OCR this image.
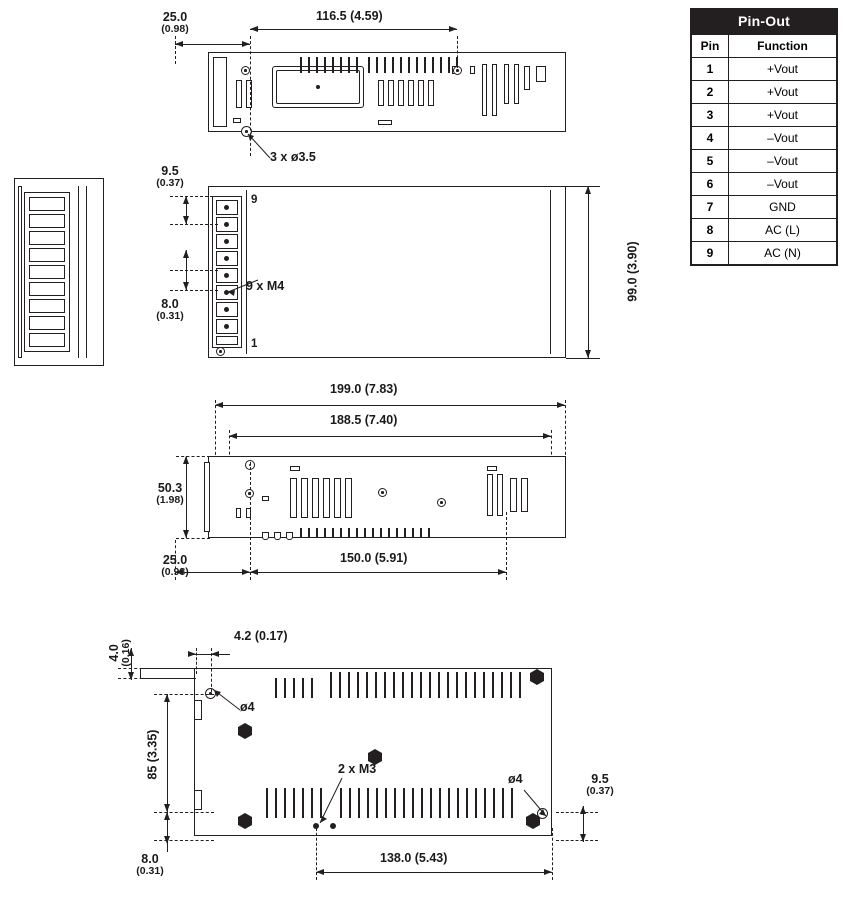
Pin-Out
Pin	Function
1	+Vout
2	+Vout
3	+Vout
4	–Vout
5	–Vout
6	–Vout
7	GND
8	AC (L)
9	AC (N)
3 x ø3.5
25.0
(0.98)
116.5 (4.59)
9
1
9 x M4
9.5
(0.37)
8.0
(0.31)
99.0 (3.90)
199.0 (7.83)
188.5 (7.40)
50.3
(1.98)
25.0
(0.98)
150.0 (5.91)
4.0 (0.16)
4.2 (0.17)
ø4
2 x M3
ø4
85 (3.35)
8.0
(0.31)
9.5
(0.37)
138.0 (5.43)
